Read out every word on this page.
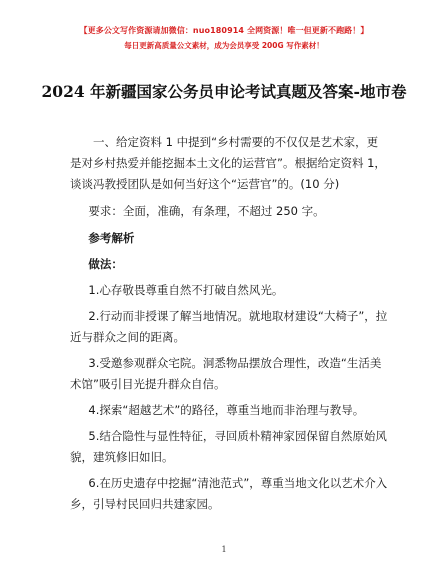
【更多公文写作资源请加微信：nuo180914 全网资源！唯一但更新不跑路！】
每日更新高质量公文素材，成为会员享受 200G 写作素材！
2024 年新疆国家公务员申论考试真题及答案-地市卷

一、给定资料 1 中提到“乡村需要的不仅仅是艺术家，更是对乡村热爱并能挖掘本土文化的运营官”。根据给定资料 1，谈谈冯教授团队是如何当好这个“运营官”的。(10 分)

要求：全面，准确，有条理，不超过 250 字。

参考解析

做法：

1.心存敬畏尊重自然不打破自然风光。

2.行动而非授课了解当地情况。就地取材建设“大椅子”，拉近与群众之间的距离。

3.受邀参观群众宅院。洞悉物品摆放合理性，改造“生活美术馆”吸引目光提升群众自信。

4.探索“超越艺术”的路径，尊重当地而非治理与教导。

5.结合隐性与显性特征，寻回质朴精神家园保留自然原始风貌，建筑修旧如旧。

6.在历史遗存中挖掘“清池范式”，尊重当地文化以艺术介入乡，引导村民回归共建家园。

1
